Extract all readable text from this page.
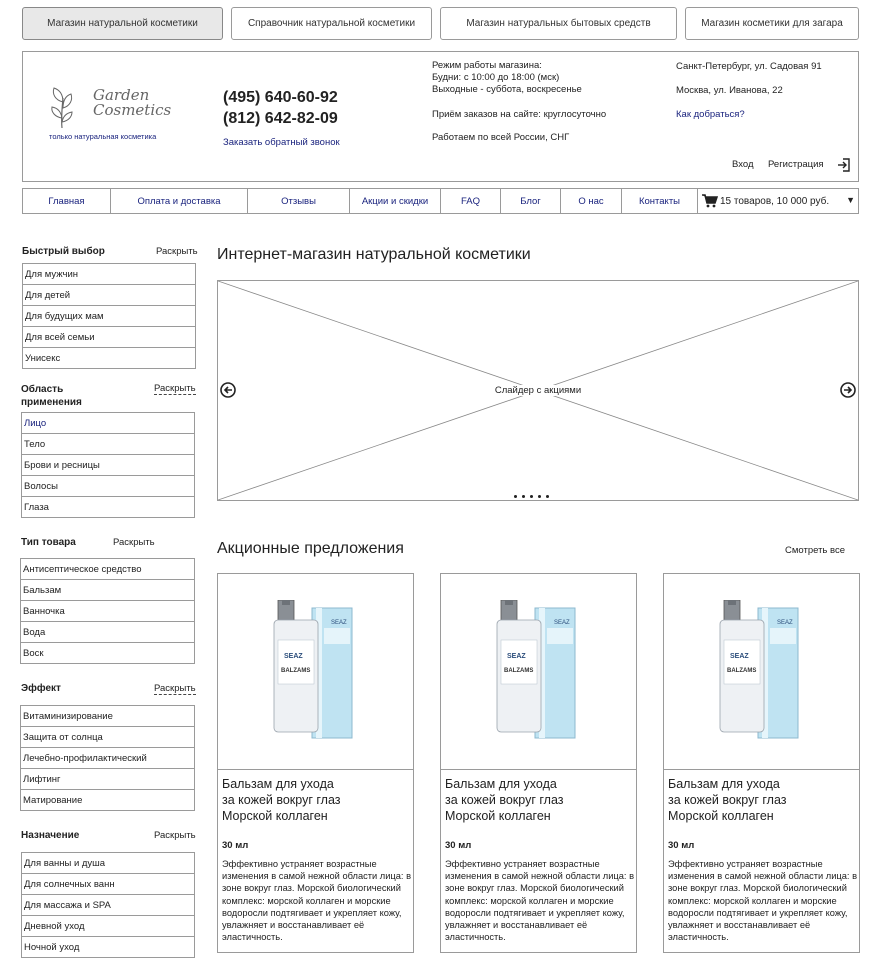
Магазин натуральной косметики	Справочник натуральной косметики	Магазин натуральных бытовых средств	Магазин косметики для загара
Garden
Cosmetics
только натуральная косметика
(495) 640-60-92
(812) 642-82-09
Заказать обратный звонок
Режим работы магазина:
Будни: с 10:00 до 18:00 (мск)
Выходные - суббота, воскресенье
Приём заказов на сайте: круглосуточно
Работаем по всей России, СНГ
Санкт-Петербург, ул. Садовая 91
Москва, ул. Иванова, 22
Как добраться?
Вход Регистрация
Главная	Оплата и доставка	Отзывы	Акции и скидки	FAQ	Блог	О нас	Контакты	15 товаров, 10 000 руб. ▼
Быстрый выбор	Раскрыть
Для мужчин
Для детей
Для будущих мам
Для всей семьи
Унисекс
Область
применения
Раскрыть
Лицо
Тело
Брови и ресницы
Волосы
Глаза
Тип товара	Раскрыть
Антисептическое средство
Бальзам
Ванночка
Вода
Воск
Эффект	Раскрыть
Витаминизирование
Защита от солнца
Лечебно-профилактический
Лифтинг
Матирование
Назначение	Раскрыть
Для ванны и душа
Для солнечных ванн
Для массажа и SPA
Дневной уход
Ночной уход
Интернет-магазин натуральной косметики
Слайдер с акциями
Акционные предложения	Смотреть все
SEAZ
SEAZ
BALZAMS
Бальзам для ухода
за кожей вокруг глаз
Морской коллаген
30 мл
Эффективно устраняет возрастные изменения в самой нежной области лица: в зоне вокруг глаз. Морской биологический комплекс: морской коллаген и морские водоросли подтягивает и укрепляет кожу, увлажняет и восстанавливает её эластичность.
SEAZ
SEAZ
BALZAMS
Бальзам для ухода
за кожей вокруг глаз
Морской коллаген
30 мл
Эффективно устраняет возрастные изменения в самой нежной области лица: в зоне вокруг глаз. Морской биологический комплекс: морской коллаген и морские водоросли подтягивает и укрепляет кожу, увлажняет и восстанавливает её эластичность.
SEAZ
SEAZ
BALZAMS
Бальзам для ухода
за кожей вокруг глаз
Морской коллаген
30 мл
Эффективно устраняет возрастные изменения в самой нежной области лица: в зоне вокруг глаз. Морской биологический комплекс: морской коллаген и морские водоросли подтягивает и укрепляет кожу, увлажняет и восстанавливает её эластичность.
